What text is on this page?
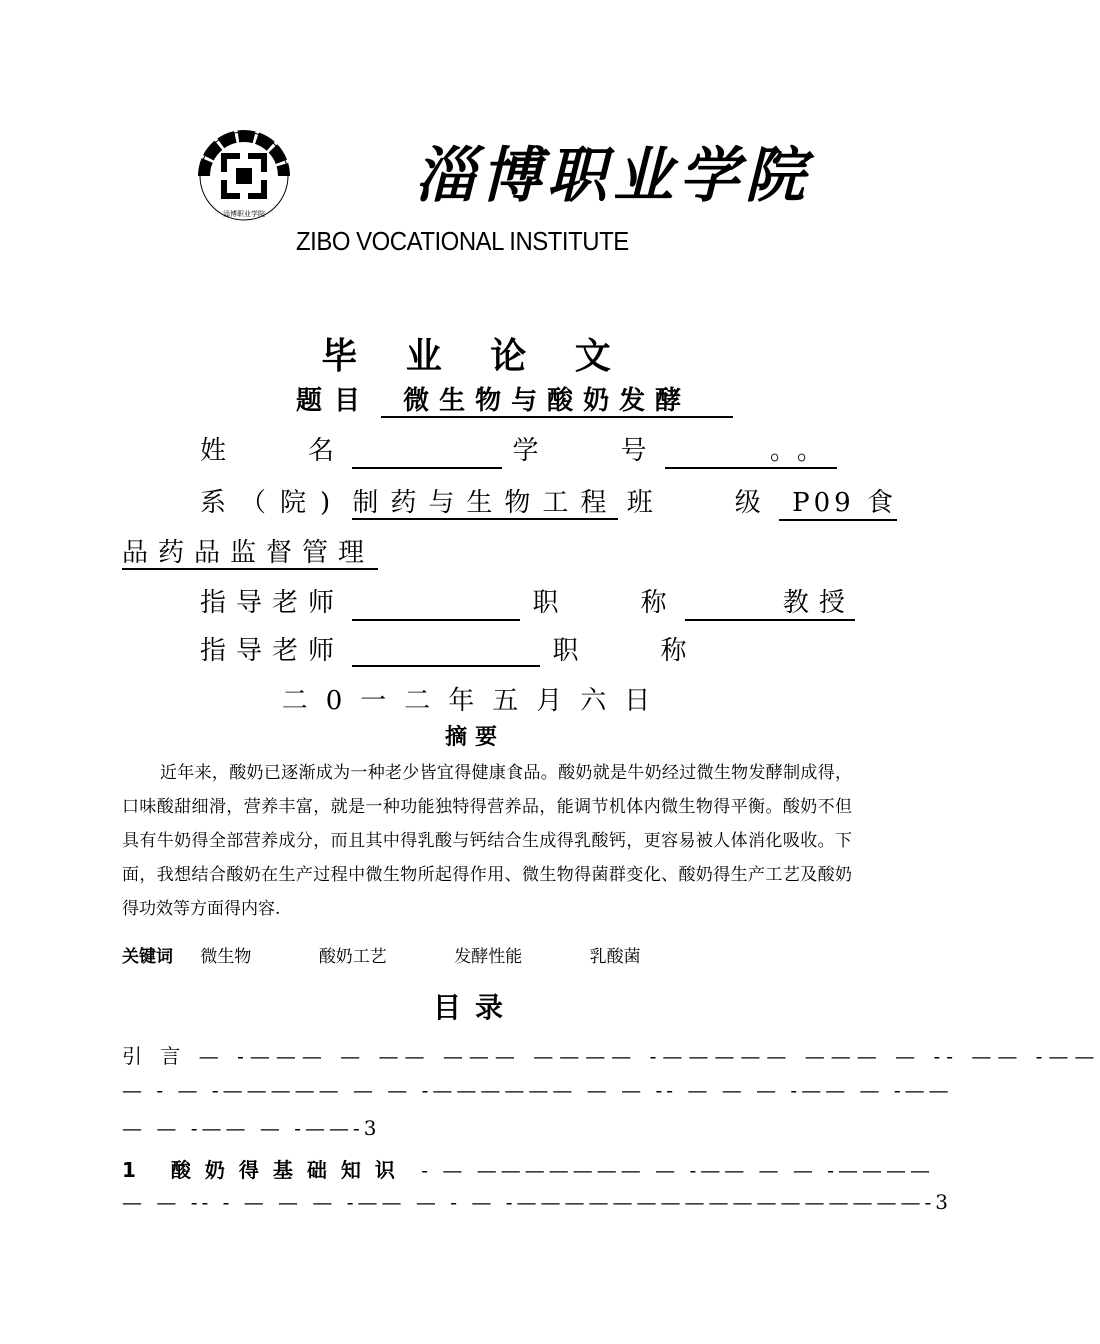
淄博职业学院
淄博职业学院
ZIBO VOCATIONAL INSTITUTE
毕 业 论 文
题目 微生物与酸奶发酵
姓　　名	学　　号	。。
系（院) 制药与生物工程 班　　级 P09 食
品药品监督管理
指导老师	职　　称	教授
指导老师	职　　称
二0一二年五月六日
摘要
近年来，酸奶已逐渐成为一种老少皆宜得健康食品。酸奶就是牛奶经过微生物发酵制成得，口味酸甜细滑，营养丰富，就是一种功能独特得营养品，能调节机体内微生物得平衡。酸奶不但具有牛奶得全部营养成分，而且其中得乳酸与钙结合生成得乳酸钙，更容易被人体消化吸收。下面，我想结合酸奶在生产过程中微生物所起得作用、微生物得菌群变化、酸奶得生产工艺及酸奶得功效等方面得内容.
关键词 微生物	酸奶工艺	发酵性能	乳酸菌
目录
引 言 — -——— — —— ——— ———— -————— ——— — -- —— -——
— - — -————— — — -—————— — — -- — — — -—— — -——
— — -—— — -——-3
1 酸奶得基础知识 - — ——————— — -—— — — -————
— — -- - — — — -—— — - — -—————————————————-3
